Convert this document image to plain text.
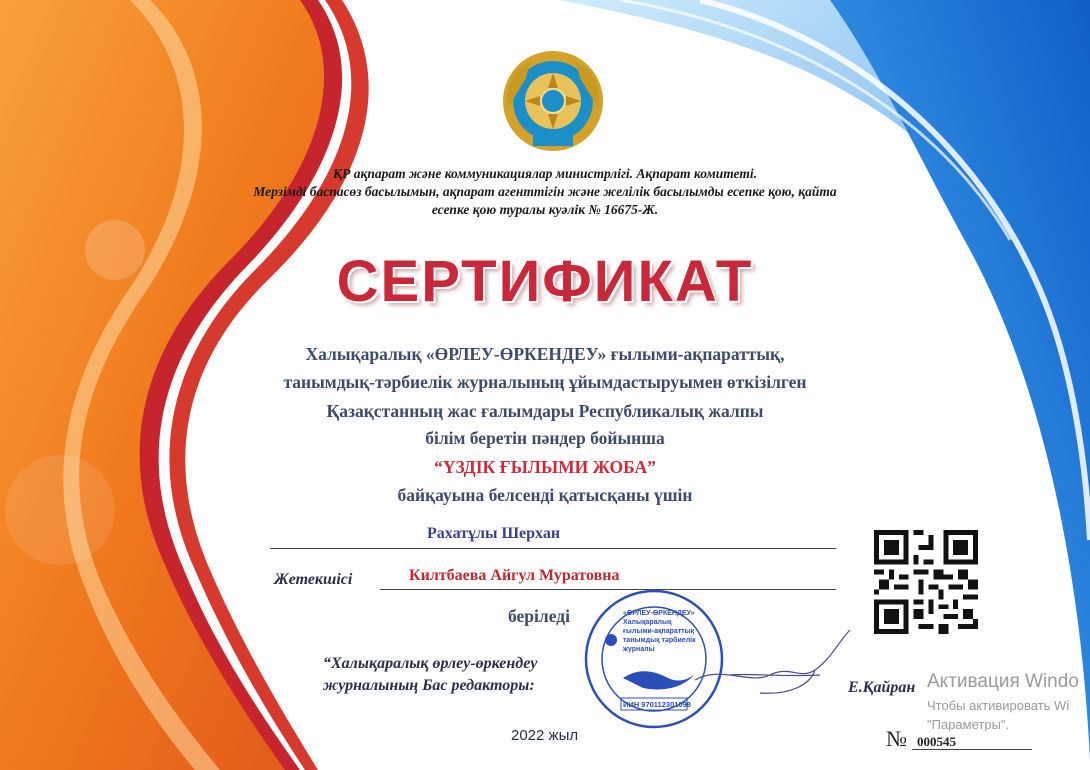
ҚР ақпарат және коммуникациялар министрлігі. Ақпарат комитеті.
Мерзімді баспасөз басылымын, ақпарат агенттігін және желілік басылымды есепке қою, қайта
есепке қою туралы куәлік № 16675-Ж.
СЕРТИФИКАТ
Халықаралық «ӨРЛЕУ-ӨРКЕНДЕУ» ғылыми-ақпараттық,
танымдық-тәрбиелік журналының ұйымдастыруымен өткізілген
Қазақстанның жас ғалымдары Республикалық жалпы
білім беретін пәндер бойынша
“ҮЗДІК ҒЫЛЫМИ ЖОБА”
байқауына белсенді қатысқаны үшін
Рахатұлы Шерхан
Жетекшісі	Килтбаева Айгул Муратовна
беріледі
“Халықаралық өрлеу-өркендеу
журналының Бас редакторы:	Е.Қайран
«ӨРЛЕУ-ӨРКЕНДЕУ»
Халықаралық
ғылыми-ақпараттық
танымдық тәрбиелік
журналы
ИИН 970112301098
2022 жыл	№ 000545
Активация Windo
Чтобы активировать Wi
"Параметры".
